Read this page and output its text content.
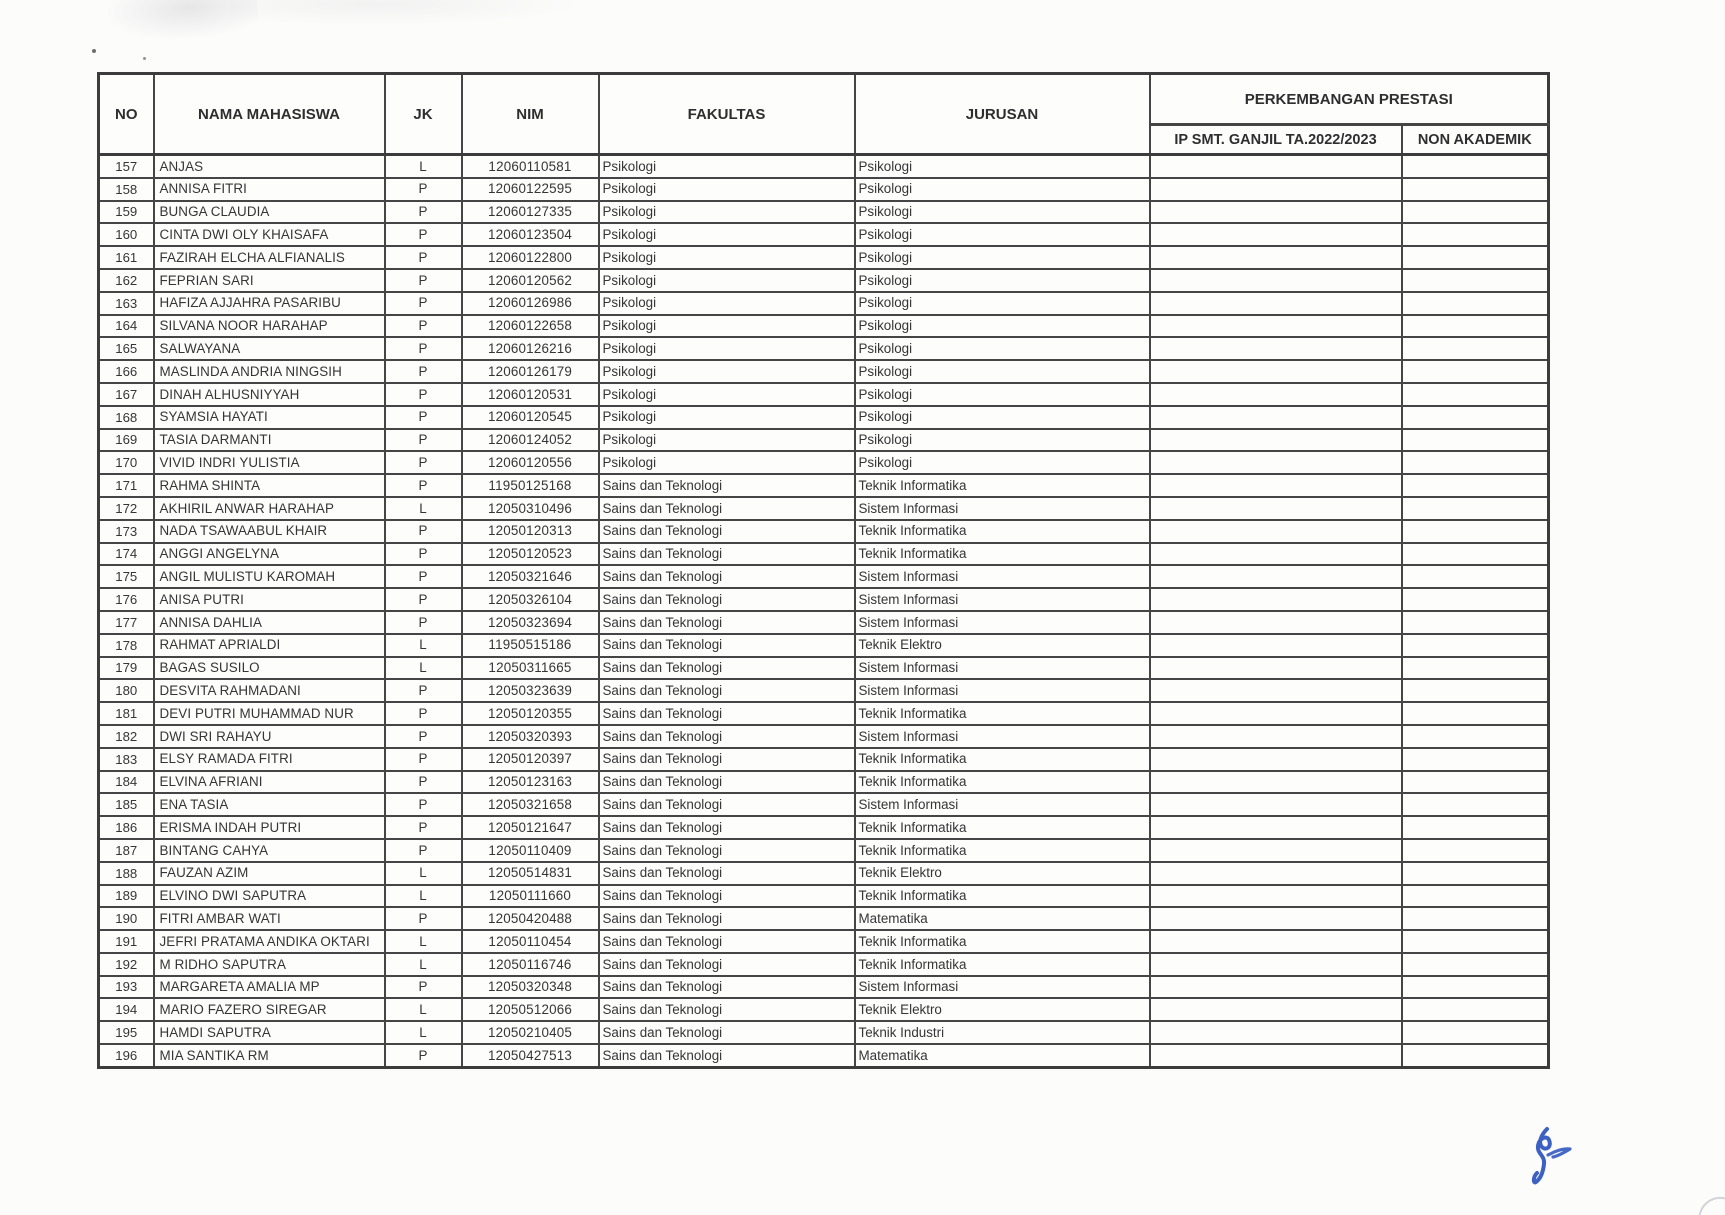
NO	NAMA MAHASISWA	JK	NIM	FAKULTAS	JURUSAN	PERKEMBANGAN PRESTASI	
						IP SMT. GANJIL TA.2022/2023	NON AKADEMIK
157	ANJAS	L	12060110581	Psikologi	Psikologi		
158	ANNISA FITRI	P	12060122595	Psikologi	Psikologi		
159	BUNGA CLAUDIA	P	12060127335	Psikologi	Psikologi		
160	CINTA DWI OLY KHAISAFA	P	12060123504	Psikologi	Psikologi		
161	FAZIRAH ELCHA ALFIANALIS	P	12060122800	Psikologi	Psikologi		
162	FEPRIAN SARI	P	12060120562	Psikologi	Psikologi		
163	HAFIZA AJJAHRA PASARIBU	P	12060126986	Psikologi	Psikologi		
164	SILVANA NOOR HARAHAP	P	12060122658	Psikologi	Psikologi		
165	SALWAYANA	P	12060126216	Psikologi	Psikologi		
166	MASLINDA ANDRIA NINGSIH	P	12060126179	Psikologi	Psikologi		
167	DINAH ALHUSNIYYAH	P	12060120531	Psikologi	Psikologi		
168	SYAMSIA HAYATI	P	12060120545	Psikologi	Psikologi		
169	TASIA DARMANTI	P	12060124052	Psikologi	Psikologi		
170	VIVID INDRI YULISTIA	P	12060120556	Psikologi	Psikologi		
171	RAHMA SHINTA	P	11950125168	Sains dan Teknologi	Teknik Informatika		
172	AKHIRIL ANWAR HARAHAP	L	12050310496	Sains dan Teknologi	Sistem Informasi		
173	NADA TSAWAABUL KHAIR	P	12050120313	Sains dan Teknologi	Teknik Informatika		
174	ANGGI ANGELYNA	P	12050120523	Sains dan Teknologi	Teknik Informatika		
175	ANGIL MULISTU KAROMAH	P	12050321646	Sains dan Teknologi	Sistem Informasi		
176	ANISA PUTRI	P	12050326104	Sains dan Teknologi	Sistem Informasi		
177	ANNISA DAHLIA	P	12050323694	Sains dan Teknologi	Sistem Informasi		
178	RAHMAT APRIALDI	L	11950515186	Sains dan Teknologi	Teknik Elektro		
179	BAGAS SUSILO	L	12050311665	Sains dan Teknologi	Sistem Informasi		
180	DESVITA RAHMADANI	P	12050323639	Sains dan Teknologi	Sistem Informasi		
181	DEVI PUTRI MUHAMMAD NUR	P	12050120355	Sains dan Teknologi	Teknik Informatika		
182	DWI SRI RAHAYU	P	12050320393	Sains dan Teknologi	Sistem Informasi		
183	ELSY RAMADA FITRI	P	12050120397	Sains dan Teknologi	Teknik Informatika		
184	ELVINA AFRIANI	P	12050123163	Sains dan Teknologi	Teknik Informatika		
185	ENA TASIA	P	12050321658	Sains dan Teknologi	Sistem Informasi		
186	ERISMA INDAH PUTRI	P	12050121647	Sains dan Teknologi	Teknik Informatika		
187	BINTANG CAHYA	P	12050110409	Sains dan Teknologi	Teknik Informatika		
188	FAUZAN AZIM	L	12050514831	Sains dan Teknologi	Teknik Elektro		
189	ELVINO DWI SAPUTRA	L	12050111660	Sains dan Teknologi	Teknik Informatika		
190	FITRI AMBAR WATI	P	12050420488	Sains dan Teknologi	Matematika		
191	JEFRI PRATAMA ANDIKA OKTARI	L	12050110454	Sains dan Teknologi	Teknik Informatika		
192	M RIDHO SAPUTRA	L	12050116746	Sains dan Teknologi	Teknik Informatika		
193	MARGARETA AMALIA MP	P	12050320348	Sains dan Teknologi	Sistem Informasi		
194	MARIO FAZERO SIREGAR	L	12050512066	Sains dan Teknologi	Teknik Elektro		
195	HAMDI SAPUTRA	L	12050210405	Sains dan Teknologi	Teknik Industri		
196	MIA SANTIKA RM	P	12050427513	Sains dan Teknologi	Matematika		
